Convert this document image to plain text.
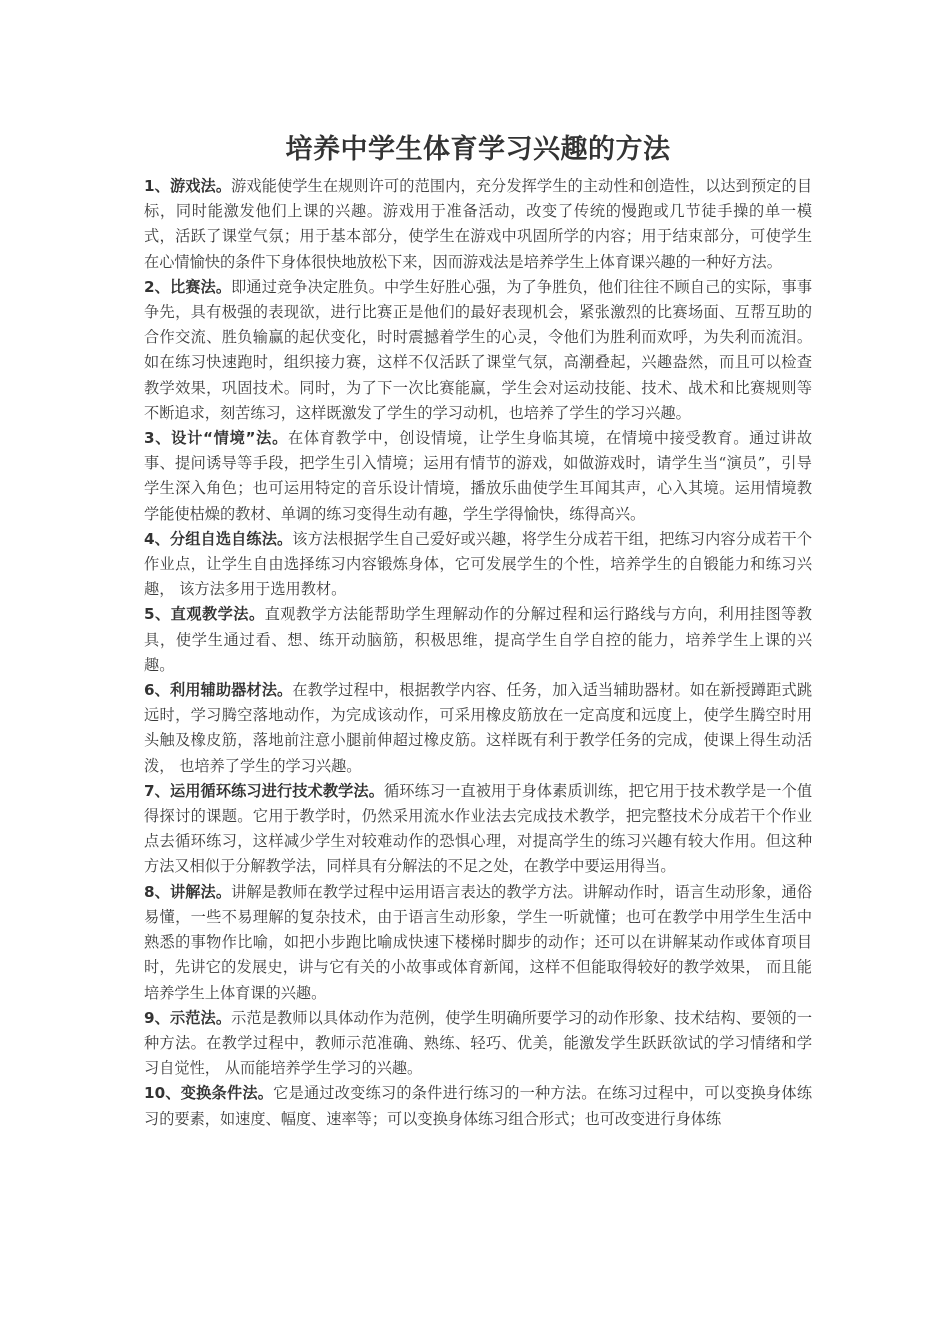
培养中学生体育学习兴趣的方法

1、游戏法。游戏能使学生在规则许可的范围内，充分发挥学生的主动性和创造性，以达到预定的目标，同时能激发他们上课的兴趣。游戏用于准备活动，改变了传统的慢跑或几节徒手操的单一模式，活跃了课堂气氛；用于基本部分，使学生在游戏中巩固所学的内容；用于结束部分，可使学生在心情愉快的条件下身体很快地放松下来，因而游戏法是培养学生上体育课兴趣的一种好方法。

2、比赛法。即通过竞争决定胜负。中学生好胜心强，为了争胜负，他们往往不顾自己的实际，事事争先，具有极强的表现欲，进行比赛正是他们的最好表现机会，紧张激烈的比赛场面、互帮互助的合作交流、胜负输赢的起伏变化，时时震撼着学生的心灵，令他们为胜利而欢呼，为失利而流泪。如在练习快速跑时，组织接力赛，这样不仅活跃了课堂气氛，高潮叠起，兴趣盎然，而且可以检查教学效果，巩固技术。同时，为了下一次比赛能赢，学生会对运动技能、技术、战术和比赛规则等不断追求，刻苦练习，这样既激发了学生的学习动机，也培养了学生的学习兴趣。

3、设计“情境”法。在体育教学中，创设情境，让学生身临其境，在情境中接受教育。通过讲故事、提问诱导等手段，把学生引入情境；运用有情节的游戏，如做游戏时，请学生当“演员”，引导学生深入角色；也可运用特定的音乐设计情境，播放乐曲使学生耳闻其声，心入其境。运用情境教学能使枯燥的教材、单调的练习变得生动有趣，学生学得愉快，练得高兴。

4、分组自选自练法。该方法根据学生自己爱好或兴趣，将学生分成若干组，把练习内容分成若干个作业点，让学生自由选择练习内容锻炼身体，它可发展学生的个性，培养学生的自锻能力和练习兴趣， 该方法多用于选用教材。

5、直观教学法。直观教学方法能帮助学生理解动作的分解过程和运行路线与方向，利用挂图等教具，使学生通过看、想、练开动脑筋，积极思维，提高学生自学自控的能力，培养学生上课的兴趣。

6、利用辅助器材法。在教学过程中，根据教学内容、任务，加入适当辅助器材。如在新授蹲距式跳远时，学习腾空落地动作，为完成该动作，可采用橡皮筋放在一定高度和远度上，使学生腾空时用头触及橡皮筋，落地前注意小腿前伸超过橡皮筋。这样既有利于教学任务的完成，使课上得生动活泼， 也培养了学生的学习兴趣。

7、运用循环练习进行技术教学法。循环练习一直被用于身体素质训练，把它用于技术教学是一个值得探讨的课题。它用于教学时，仍然采用流水作业法去完成技术教学，把完整技术分成若干个作业点去循环练习，这样减少学生对较难动作的恐惧心理，对提高学生的练习兴趣有较大作用。但这种方法又相似于分解教学法，同样具有分解法的不足之处，在教学中要运用得当。

8、讲解法。讲解是教师在教学过程中运用语言表达的教学方法。讲解动作时，语言生动形象，通俗易懂，一些不易理解的复杂技术，由于语言生动形象，学生一听就懂；也可在教学中用学生生活中熟悉的事物作比喻，如把小步跑比喻成快速下楼梯时脚步的动作；还可以在讲解某动作或体育项目时，先讲它的发展史，讲与它有关的小故事或体育新闻，这样不但能取得较好的教学效果， 而且能培养学生上体育课的兴趣。

9、示范法。示范是教师以具体动作为范例，使学生明确所要学习的动作形象、技术结构、要领的一种方法。在教学过程中，教师示范准确、熟练、轻巧、优美，能激发学生跃跃欲试的学习情绪和学习自觉性， 从而能培养学生学习的兴趣。

10、变换条件法。它是通过改变练习的条件进行练习的一种方法。在练习过程中，可以变换身体练习的要素，如速度、幅度、速率等；可以变换身体练习组合形式；也可改变进行身体练
